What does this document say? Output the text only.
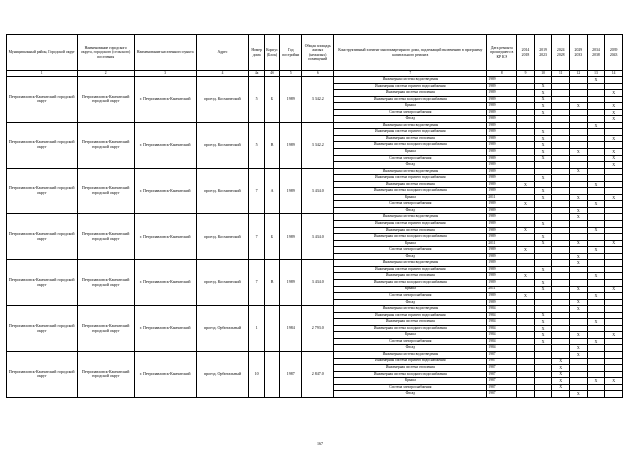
Муниципальный район, Городской округ	Наименование городского округа, городского (сельского) поселения	Наименование населенного пункта	Адрес	Номер дома	Корпус (Блок)	Год постройки	Общая площадь жилых (нежилых) помещений	Конструктивный элемент многоквартирного дома, подлежащий включению в программу капитального ремонта	Дата ремонта прошедшего в КР КЭ	2014 2018	2019 2023	2024 2028	2029 2033	2034 2038	2039 2043
1	2	3	4	4а	4б	5	6	7	8	9	10	11	12	13	14
Петропавловск-Камчатский городской округ	Петропавловск-Камчатский городской округ	г. Петропавловск-Камчатский	проезд. Космический	5	Б	1989	3 342.2	Инженерная система водоотведения	1989					X	
								Инженерная система горячего водоснабжения	1989		X				
								Инженерная система отопления	1989		X				X
								Инженерная система холодного водоснабжения	1989		X				
								Крыша	1989		X		X		X
								Система электроснабжения	1989		X				X
								Фасад	1989						X
Петропавловск-Камчатский городской округ	Петропавловск-Камчатский городской округ	г. Петропавловск-Камчатский	проезд. Космический	5	В	1989	3 342.2	Инженерная система водоотведения	1989					X	
								Инженерная система горячего водоснабжения	1989		X				
								Инженерная система отопления	1989		X				X
								Инженерная система холодного водоснабжения	1989		X				
								Крыша	1989		X		X		X
								Система электроснабжения	1989		X				X
								Фасад	1989						X
Петропавловск-Камчатский городской округ	Петропавловск-Камчатский городской округ	г. Петропавловск-Камчатский	проезд. Космический	7	А	1989	3 434.0	Инженерная система водоотведения	1989				X		
								Инженерная система горячего водоснабжения	1989		X				
								Инженерная система отопления	1989	X				X	
								Инженерная система холодного водоснабжения	1989		X				
								Крыша	2011		X		X		X
								Система электроснабжения	1989	X				X	
								Фасад	1989				X		
Петропавловск-Камчатский городской округ	Петропавловск-Камчатский городской округ	г. Петропавловск-Камчатский	проезд. Космический	7	Б	1989	3 434.0	Инженерная система водоотведения	1989				X		
								Инженерная система горячего водоснабжения	1989		X				
								Инженерная система отопления	1989	X				X	
								Инженерная система холодного водоснабжения	1989		X				
								Крыша	2011		X		X		X
								Система электроснабжения	1989	X				X	
								Фасад	1989				X		
Петропавловск-Камчатский городской округ	Петропавловск-Камчатский городской округ	г. Петропавловск-Камчатский	проезд. Космический	7	В	1989	3 434.0	Инженерная система водоотведения	1989				X		
								Инженерная система горячего водоснабжения	1989		X				
								Инженерная система отопления	1989	X				X	
								Инженерная система холодного водоснабжения	1989		X				
								Крыша	2011		X		X		X
								Система электроснабжения	1989	X				X	
								Фасад	1989				X		
Петропавловск-Камчатский городской округ	Петропавловск-Камчатский городской округ	г. Петропавловск-Камчатский	проезд. Орбитальный	1		1984	2 793.0	Инженерная система водоотведения	1984				X		
								Инженерная система горячего водоснабжения	1984		X				
								Инженерная система отопления	1984		X			X	
								Инженерная система холодного водоснабжения	1984		X				
								Крыша	1984		X		X		X
								Система электроснабжения	1984		X			X	
								Фасад	1984				X		
Петропавловск-Камчатский городской округ	Петропавловск-Камчатский городской округ	г. Петропавловск-Камчатский	проезд. Орбитальный	10		1987	2 847.0	Инженерная система водоотведения	1987				X		
								Инженерная система горячего водоснабжения	1987			X			
								Инженерная система отопления	1987			X			
								Инженерная система холодного водоснабжения	1987			X			
								Крыша	1987			X		X	X
								Система электроснабжения	1987			X			
								Фасад	1987				X		
167
